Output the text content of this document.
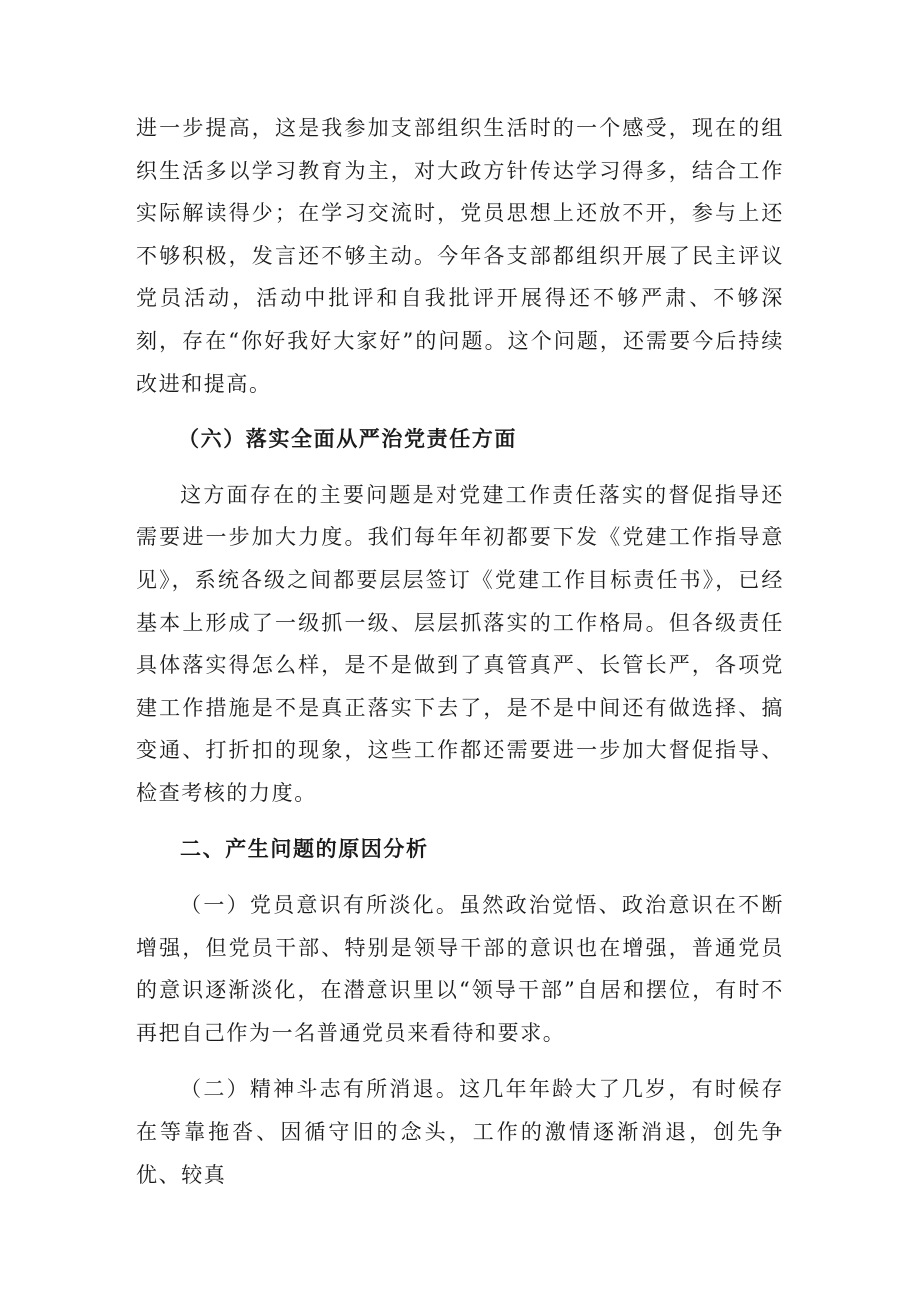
进一步提高，这是我参加支部组织生活时的一个感受，现在的组织生活多以学习教育为主，对大政方针传达学习得多，结合工作实际解读得少；在学习交流时，党员思想上还放不开，参与上还不够积极，发言还不够主动。今年各支部都组织开展了民主评议党员活动，活动中批评和自我批评开展得还不够严肃、不够深刻，存在“你好我好大家好”的问题。这个问题，还需要今后持续改进和提高。

（六）落实全面从严治党责任方面

这方面存在的主要问题是对党建工作责任落实的督促指导还需要进一步加大力度。我们每年年初都要下发《党建工作指导意见》，系统各级之间都要层层签订《党建工作目标责任书》，已经基本上形成了一级抓一级、层层抓落实的工作格局。但各级责任具体落实得怎么样，是不是做到了真管真严、长管长严，各项党建工作措施是不是真正落实下去了，是不是中间还有做选择、搞变通、打折扣的现象，这些工作都还需要进一步加大督促指导、检查考核的力度。

二、产生问题的原因分析

（一）党员意识有所淡化。虽然政治觉悟、政治意识在不断增强，但党员干部、特别是领导干部的意识也在增强，普通党员的意识逐渐淡化，在潜意识里以“领导干部”自居和摆位，有时不再把自己作为一名普通党员来看待和要求。

（二）精神斗志有所消退。这几年年龄大了几岁，有时候存在等靠拖沓、因循守旧的念头，工作的激情逐渐消退，创先争优、较真
